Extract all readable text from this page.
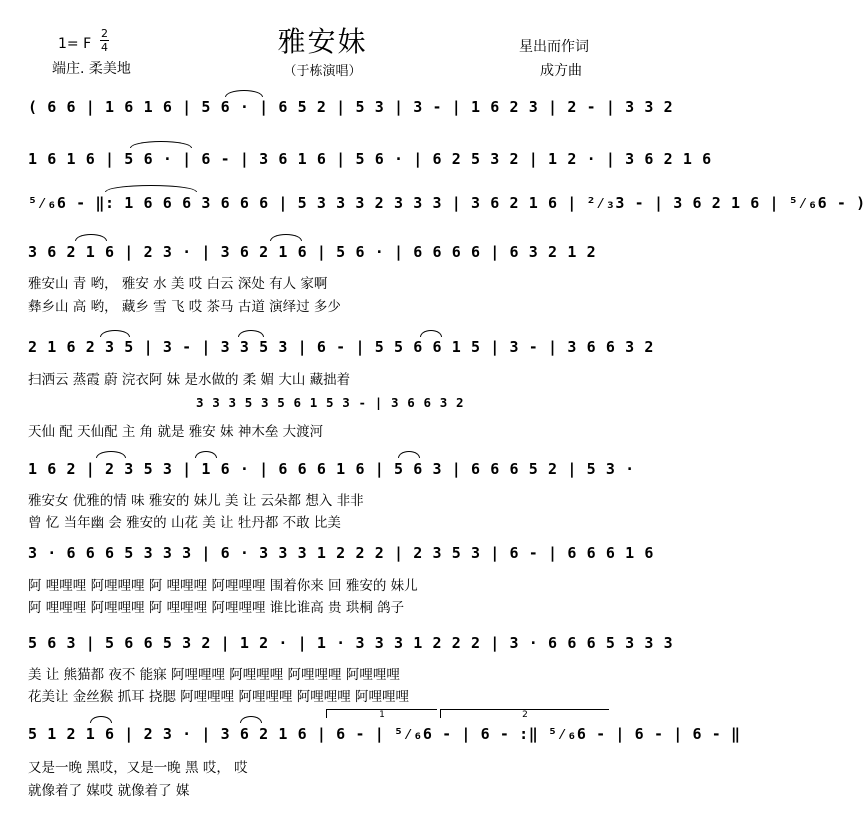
雅安妹
1= F
2
4
端庄. 柔美地	（于栋演唱）
星出而作词
成方曲
( 6 6 | 1 6 1 6 | 5 6 · | 6 5 2 | 5 3 | 3 - | 1 6 2 3 | 2 - | 3 3 2
1 6 1 6 | 5 6 · | 6 - | 3 6 1 6 | 5 6 · | 6 2 5 3 2 | 1 2 · | 3 6 2 1 6
⁵⁄₆6 - ‖: 1 6 6 6 3 6 6 6 | 5 3 3 3 2 3 3 3 | 3 6 2 1 6 | ²⁄₃3 - | 3 6 2 1 6 | ⁵⁄₆6 - )
3 6 2 1 6 | 2 3 · | 3 6 2 1 6 | 5 6 · | 6 6 6 6 | 6 3 2 1 2
雅安山 青 哟， 雅安 水 美 哎 白云 深处 有人 家啊
彝乡山 高 哟， 藏乡 雪 飞 哎 茶马 古道 演绎过 多少
2 1 6 2 3 5 | 3 - | 3 3 5 3 | 6 - | 5 5 6 6 1 5 | 3 - | 3 6 6 3 2
扫洒云 蒸霞 蔚 浣衣阿 妹 是水做的 柔 媚 大山 藏拙着
3 3 3 5 3 5 6 1 5 3 - | 3 6 6 3 2
天仙 配 天仙配 主 角 就是 雅安 妹 神木垒 大渡河
1 6 2 | 2 3 5 3 | 1 6 · | 6 6 6 1 6 | 5 6 3 | 6 6 6 5 2 | 5 3 ·
雅安女 优雅的情 味 雅安的 妹儿 美 让 云朵都 想入 非非
曾 忆 当年幽 会 雅安的 山花 美 让 牡丹都 不敢 比美
3 · 6 6 6 5 3 3 3 | 6 · 3 3 3 1 2 2 2 | 2 3 5 3 | 6 - | 6 6 6 1 6
阿 哩哩哩 阿哩哩哩 阿 哩哩哩 阿哩哩哩 围着你来 回 雅安的 妹儿
阿 哩哩哩 阿哩哩哩 阿 哩哩哩 阿哩哩哩 谁比谁高 贵 珙桐 鸽子
5 6 3 | 5 6 6 5 3 2 | 1 2 · | 1 · 3 3 3 1 2 2 2 | 3 · 6 6 6 5 3 3 3
美 让 熊猫都 夜不 能寐 阿哩哩哩 阿哩哩哩 阿哩哩哩 阿哩哩哩
花美让 金丝猴 抓耳 挠腮 阿哩哩哩 阿哩哩哩 阿哩哩哩 阿哩哩哩
5 1 2 1 6 | 2 3 · | 3 6 2 1 6 | 6 - | ⁵⁄₆6 - | 6 - :‖ ⁵⁄₆6 - | 6 - | 6 - ‖
1	2
又是一晚 黑哎，又是一晚 黑 哎， 哎
就像着了 媒哎 就像着了 媒
